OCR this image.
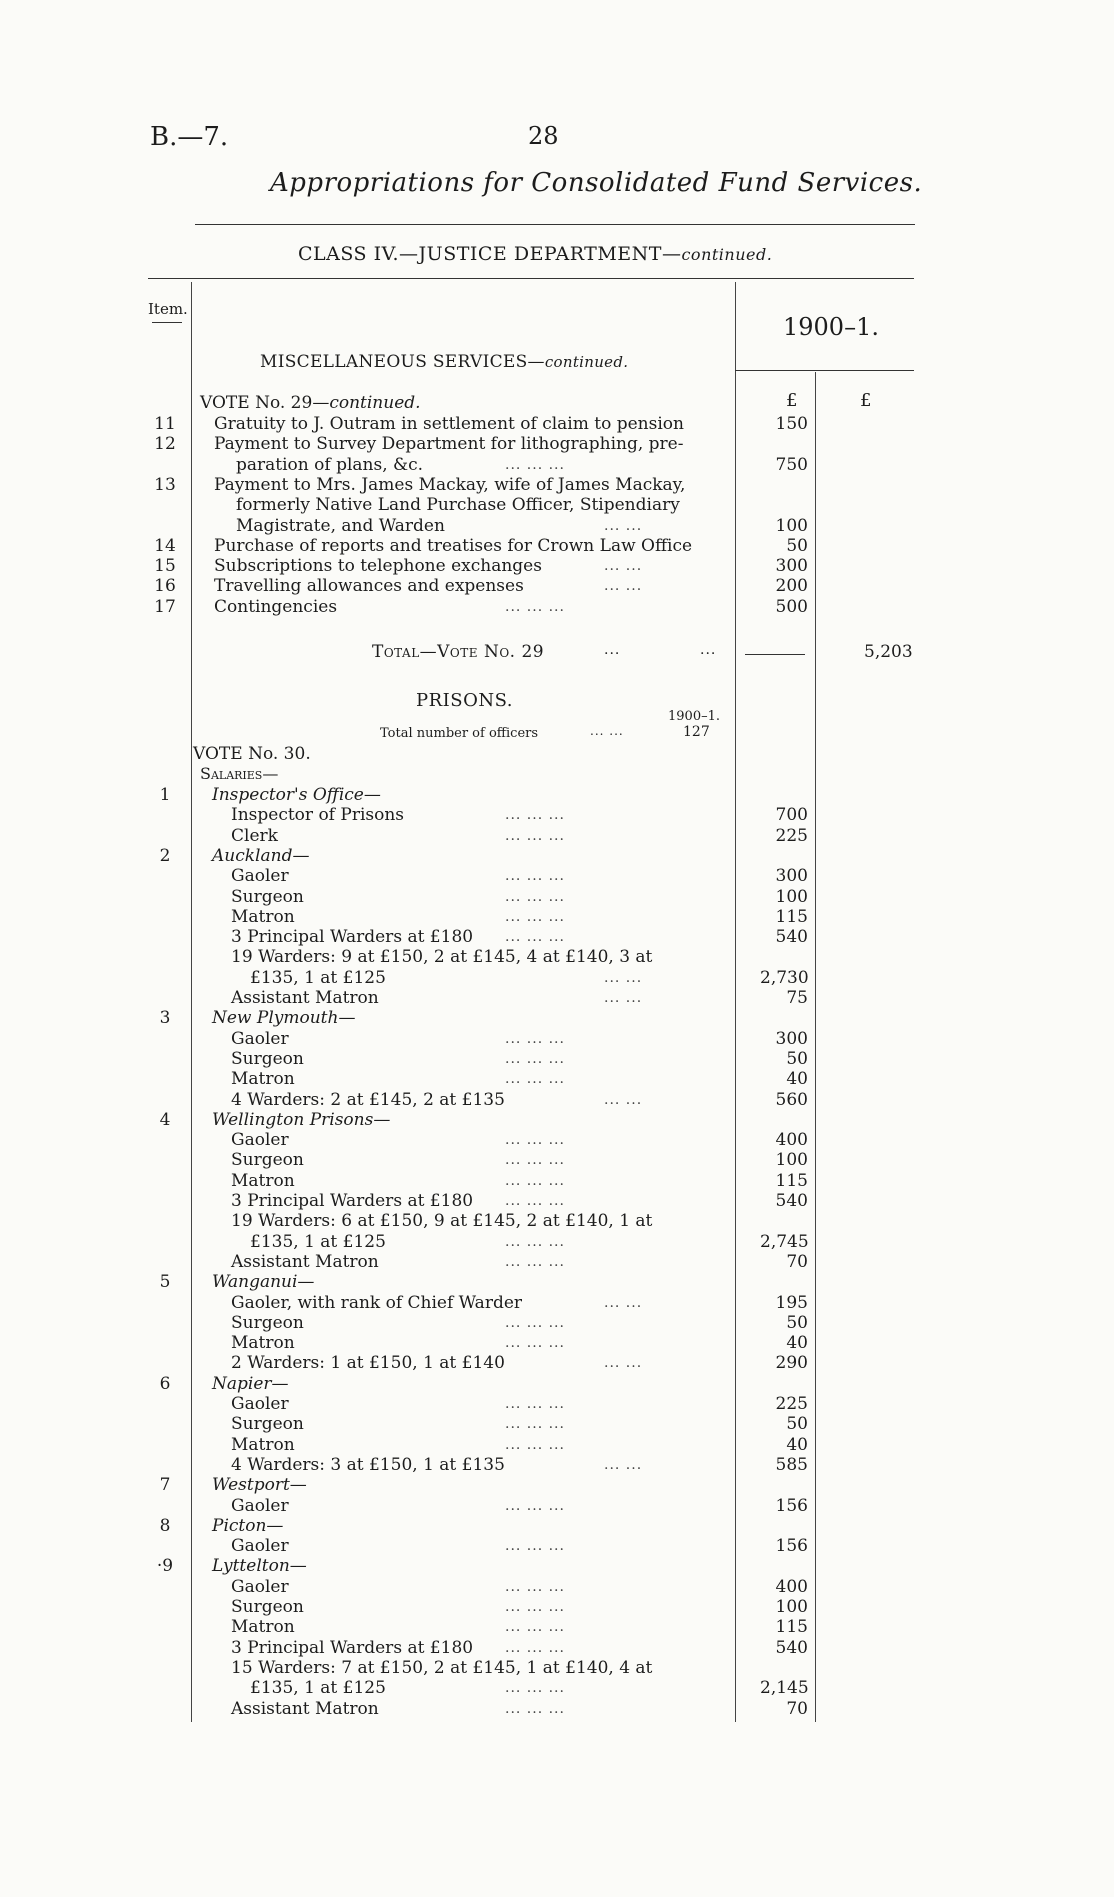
B.—7.	28
Appropriations for Consolidated Fund Services.
CLASS IV.—JUSTICE DEPARTMENT—continued.
Item.
1900–1.
MISCELLANEOUS SERVICES—continued.
£	£
VOTE No. 29—continued.
11 Gratuity to J. Outram in settlement of claim to pension	150
12 Payment to Survey Department for lithographing, pre-
paration of plans, &c.	... ... ...	750
13 Payment to Mrs. James Mackay, wife of James Mackay,
formerly Native Land Purchase Officer, Stipendiary
Magistrate, and Warden	... ...	100
14 Purchase of reports and treatises for Crown Law Office	50
15 Subscriptions to telephone exchanges	... ...	300
16 Travelling allowances and expenses	... ...	200
17 Contingencies	... ... ...	500
Total—Vote No. 29	...	...	5,203
PRISONS.
1900–1.
Total number of officers	... ...	127
VOTE No. 30.
Salaries—
1	Inspector's Office—
Inspector of Prisons	... ... ...	700
Clerk	... ... ...	225
2	Auckland—
Gaoler	... ... ...	300
Surgeon	... ... ...	100
Matron	... ... ...	115
3 Principal Warders at £180 ... ... ...	540
19 Warders: 9 at £150, 2 at £145, 4 at £140, 3 at
£135, 1 at £125	... ...	2,730
Assistant Matron	... ...	75
3	New Plymouth—
Gaoler	... ... ...	300
Surgeon	... ... ...	50
Matron	... ... ...	40
4 Warders: 2 at £145, 2 at £135	... ...	560
4	Wellington Prisons—
Gaoler	... ... ...	400
Surgeon	... ... ...	100
Matron	... ... ...	115
3 Principal Warders at £180 ... ... ...	540
19 Warders: 6 at £150, 9 at £145, 2 at £140, 1 at
£135, 1 at £125	... ... ...	2,745
Assistant Matron	... ... ...	70
5	Wanganui—
Gaoler, with rank of Chief Warder	... ...	195
Surgeon	... ... ...	50
Matron	... ... ...	40
2 Warders: 1 at £150, 1 at £140	... ...	290
6	Napier—
Gaoler	... ... ...	225
Surgeon	... ... ...	50
Matron	... ... ...	40
4 Warders: 3 at £150, 1 at £135	... ...	585
7	Westport—
Gaoler	... ... ...	156
8	Picton—
Gaoler	... ... ...	156
·9	Lyttelton—
Gaoler	... ... ...	400
Surgeon	... ... ...	100
Matron	... ... ...	115
3 Principal Warders at £180 ... ... ...	540
15 Warders: 7 at £150, 2 at £145, 1 at £140, 4 at
£135, 1 at £125	... ... ...	2,145
Assistant Matron	... ... ...	70
